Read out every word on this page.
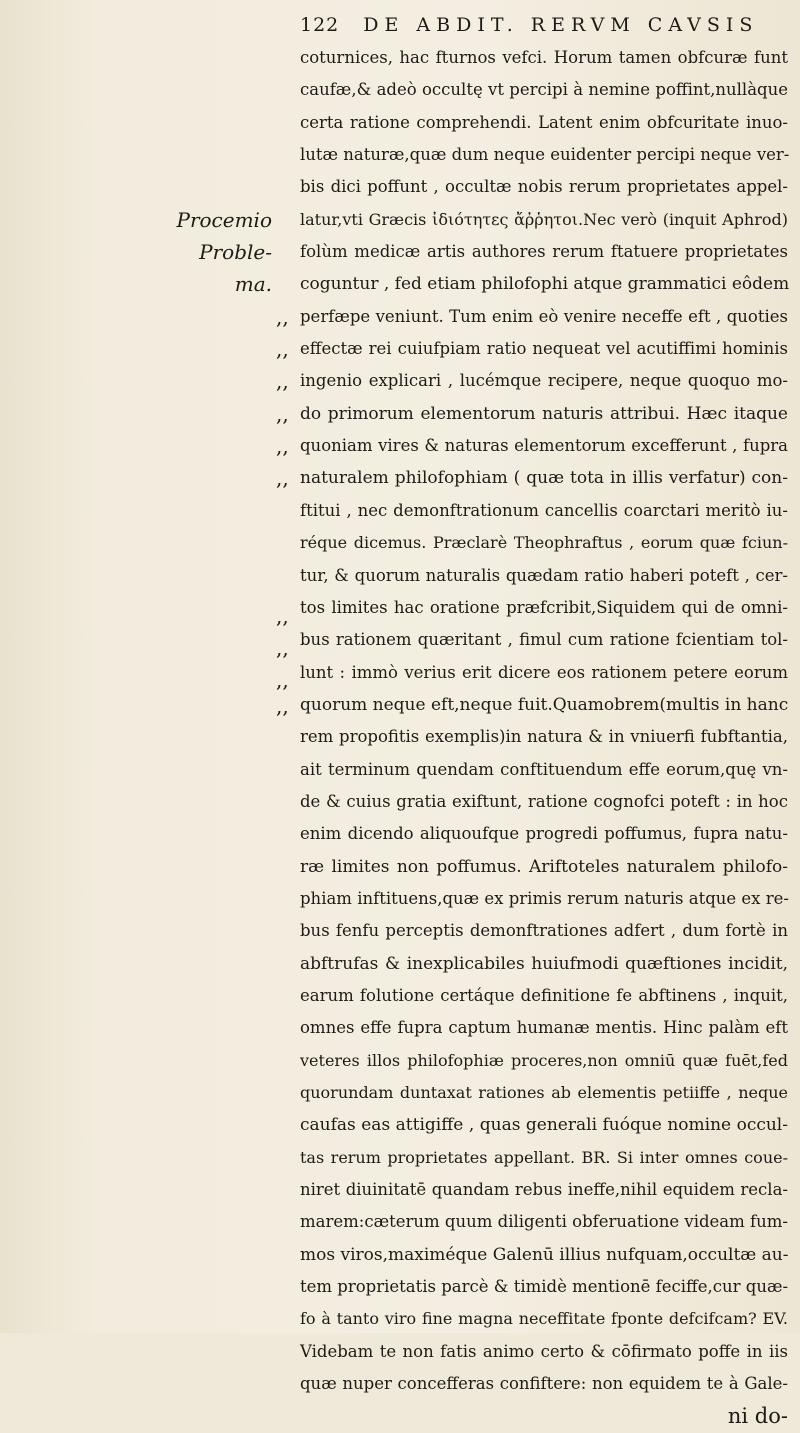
122 DE ABDIT. RERVM CAVSIS
Procemio
Proble-
ma.
,,
,,
,,
,,
,,
,,
,,
,,
,,
,,
coturnices, hac fturnos vefci. Horum tamen obfcuræ funt
caufæ,& adeò occultę vt percipi à nemine poffint,nullàque
certa ratione comprehendi. Latent enim obfcuritate inuo-
lutæ naturæ,quæ dum neque euidenter percipi neque ver-
bis dici poffunt , occultæ nobis rerum proprietates appel-
latur,vti Græcis ἰδιότητες ἄῤῥητοι.Nec verò (inquit Aphrod)
folùm medicæ artis authores rerum ftatuere proprietates
coguntur , fed etiam philofophi atque grammatici eôdem
perfæpe veniunt. Tum enim eò venire neceffe eft , quoties
effectæ rei cuiufpiam ratio nequeat vel acutiffimi hominis
ingenio explicari , lucémque recipere, neque quoquo mo-
do primorum elementorum naturis attribui. Hæc itaque
quoniam vires & naturas elementorum excefferunt , fupra
naturalem philofophiam ( quæ tota in illis verfatur) con-
ftitui , nec demonftrationum cancellis coarctari meritò iu-
réque dicemus. Præclarè Theophraftus , eorum quæ fciun-
tur, & quorum naturalis quædam ratio haberi poteft , cer-
tos limites hac oratione præfcribit,Siquidem qui de omni-
bus rationem quæritant , fimul cum ratione fcientiam tol-
lunt : immò verius erit dicere eos rationem petere eorum
quorum neque eft,neque fuit.Quamobrem(multis in hanc
rem propofitis exemplis)in natura & in vniuerfi fubftantia,
ait terminum quendam conftituendum effe eorum,quę vn-
de & cuius gratia exiftunt, ratione cognofci poteft : in hoc
enim dicendo aliquoufque progredi poffumus, fupra natu-
ræ limites non poffumus. Ariftoteles naturalem philofo-
phiam inftituens,quæ ex primis rerum naturis atque ex re-
bus fenfu perceptis demonftrationes adfert , dum fortè in
abftrufas & inexplicabiles huiufmodi quæftiones incidit,
earum folutione certáque definitione fe abftinens , inquit,
omnes effe fupra captum humanæ mentis. Hinc palàm eft
veteres illos philofophiæ proceres,non omniū quæ fuēt,fed
quorundam duntaxat rationes ab elementis petiiffe , neque
caufas eas attigiffe , quas generali fuóque nomine occul-
tas rerum proprietates appellant. BR. Si inter omnes coue-
niret diuinitatē quandam rebus ineffe,nihil equidem recla-
marem:cæterum quum diligenti obferuatione videam fum-
mos viros,maximéque Galenū illius nufquam,occultæ au-
tem proprietatis parcè & timidè mentionē feciffe,cur quæ-
fo à tanto viro fine magna neceffitate fponte defcifcam? EV.
Videbam te non fatis animo certo & cōfirmato poffe in iis
quæ nuper concefferas confiftere: non equidem te à Gale-
ni do-
